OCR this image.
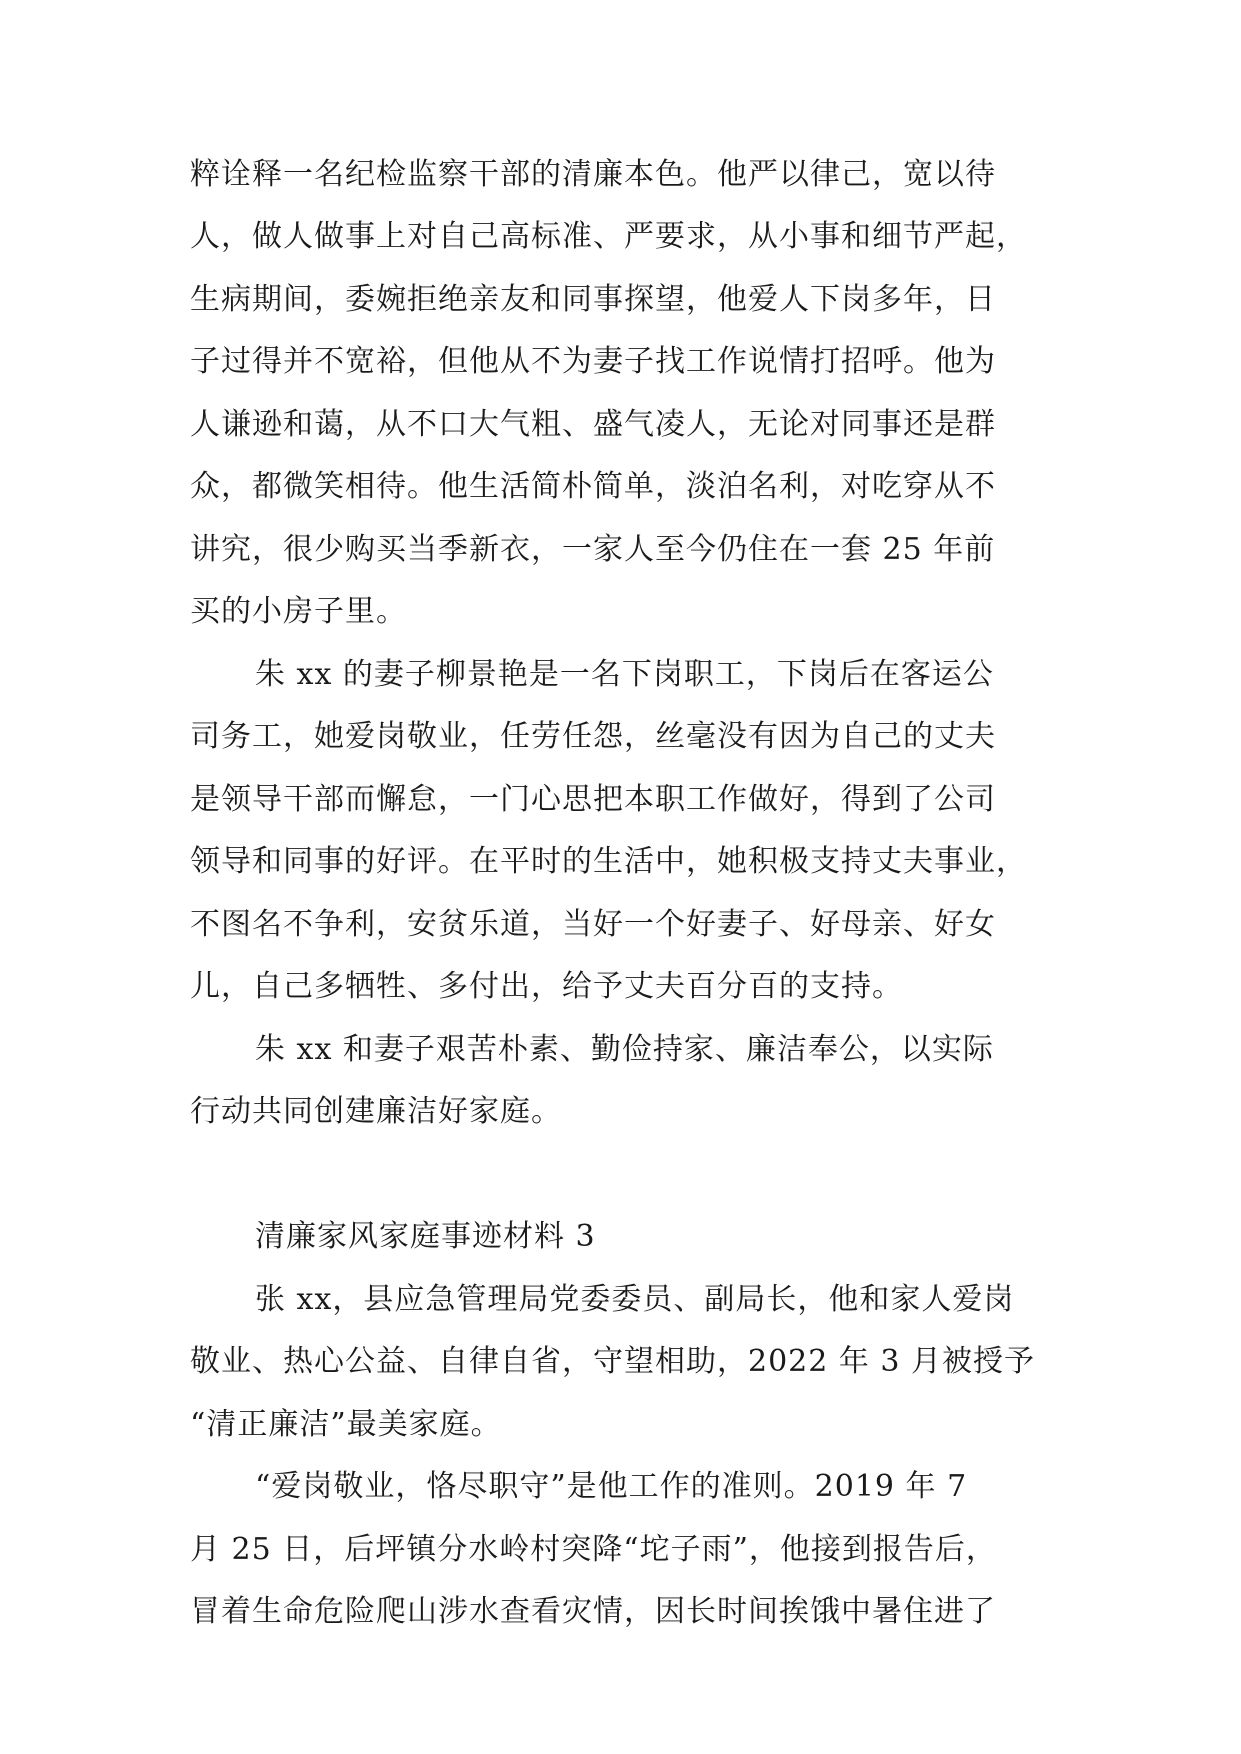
粹诠释一名纪检监察干部的清廉本色。他严以律己，宽以待
人，做人做事上对自己高标准、严要求，从小事和细节严起，
生病期间，委婉拒绝亲友和同事探望，他爱人下岗多年，日
子过得并不宽裕，但他从不为妻子找工作说情打招呼。他为
人谦逊和蔼，从不口大气粗、盛气凌人，无论对同事还是群
众，都微笑相待。他生活简朴简单，淡泊名利，对吃穿从不
讲究，很少购买当季新衣，一家人至今仍住在一套 25 年前
买的小房子里。
朱 xx 的妻子柳景艳是一名下岗职工，下岗后在客运公
司务工，她爱岗敬业，任劳任怨，丝毫没有因为自己的丈夫
是领导干部而懈怠，一门心思把本职工作做好，得到了公司
领导和同事的好评。在平时的生活中，她积极支持丈夫事业，
不图名不争利，安贫乐道，当好一个好妻子、好母亲、好女
儿，自己多牺牲、多付出，给予丈夫百分百的支持。
朱 xx 和妻子艰苦朴素、勤俭持家、廉洁奉公，以实际
行动共同创建廉洁好家庭。
清廉家风家庭事迹材料 3
张 xx，县应急管理局党委委员、副局长，他和家人爱岗
敬业、热心公益、自律自省，守望相助，2022 年 3 月被授予
“清正廉洁”最美家庭。
“爱岗敬业，恪尽职守”是他工作的准则。2019 年 7
月 25 日，后坪镇分水岭村突降“坨子雨”，他接到报告后，
冒着生命危险爬山涉水查看灾情，因长时间挨饿中暑住进了
